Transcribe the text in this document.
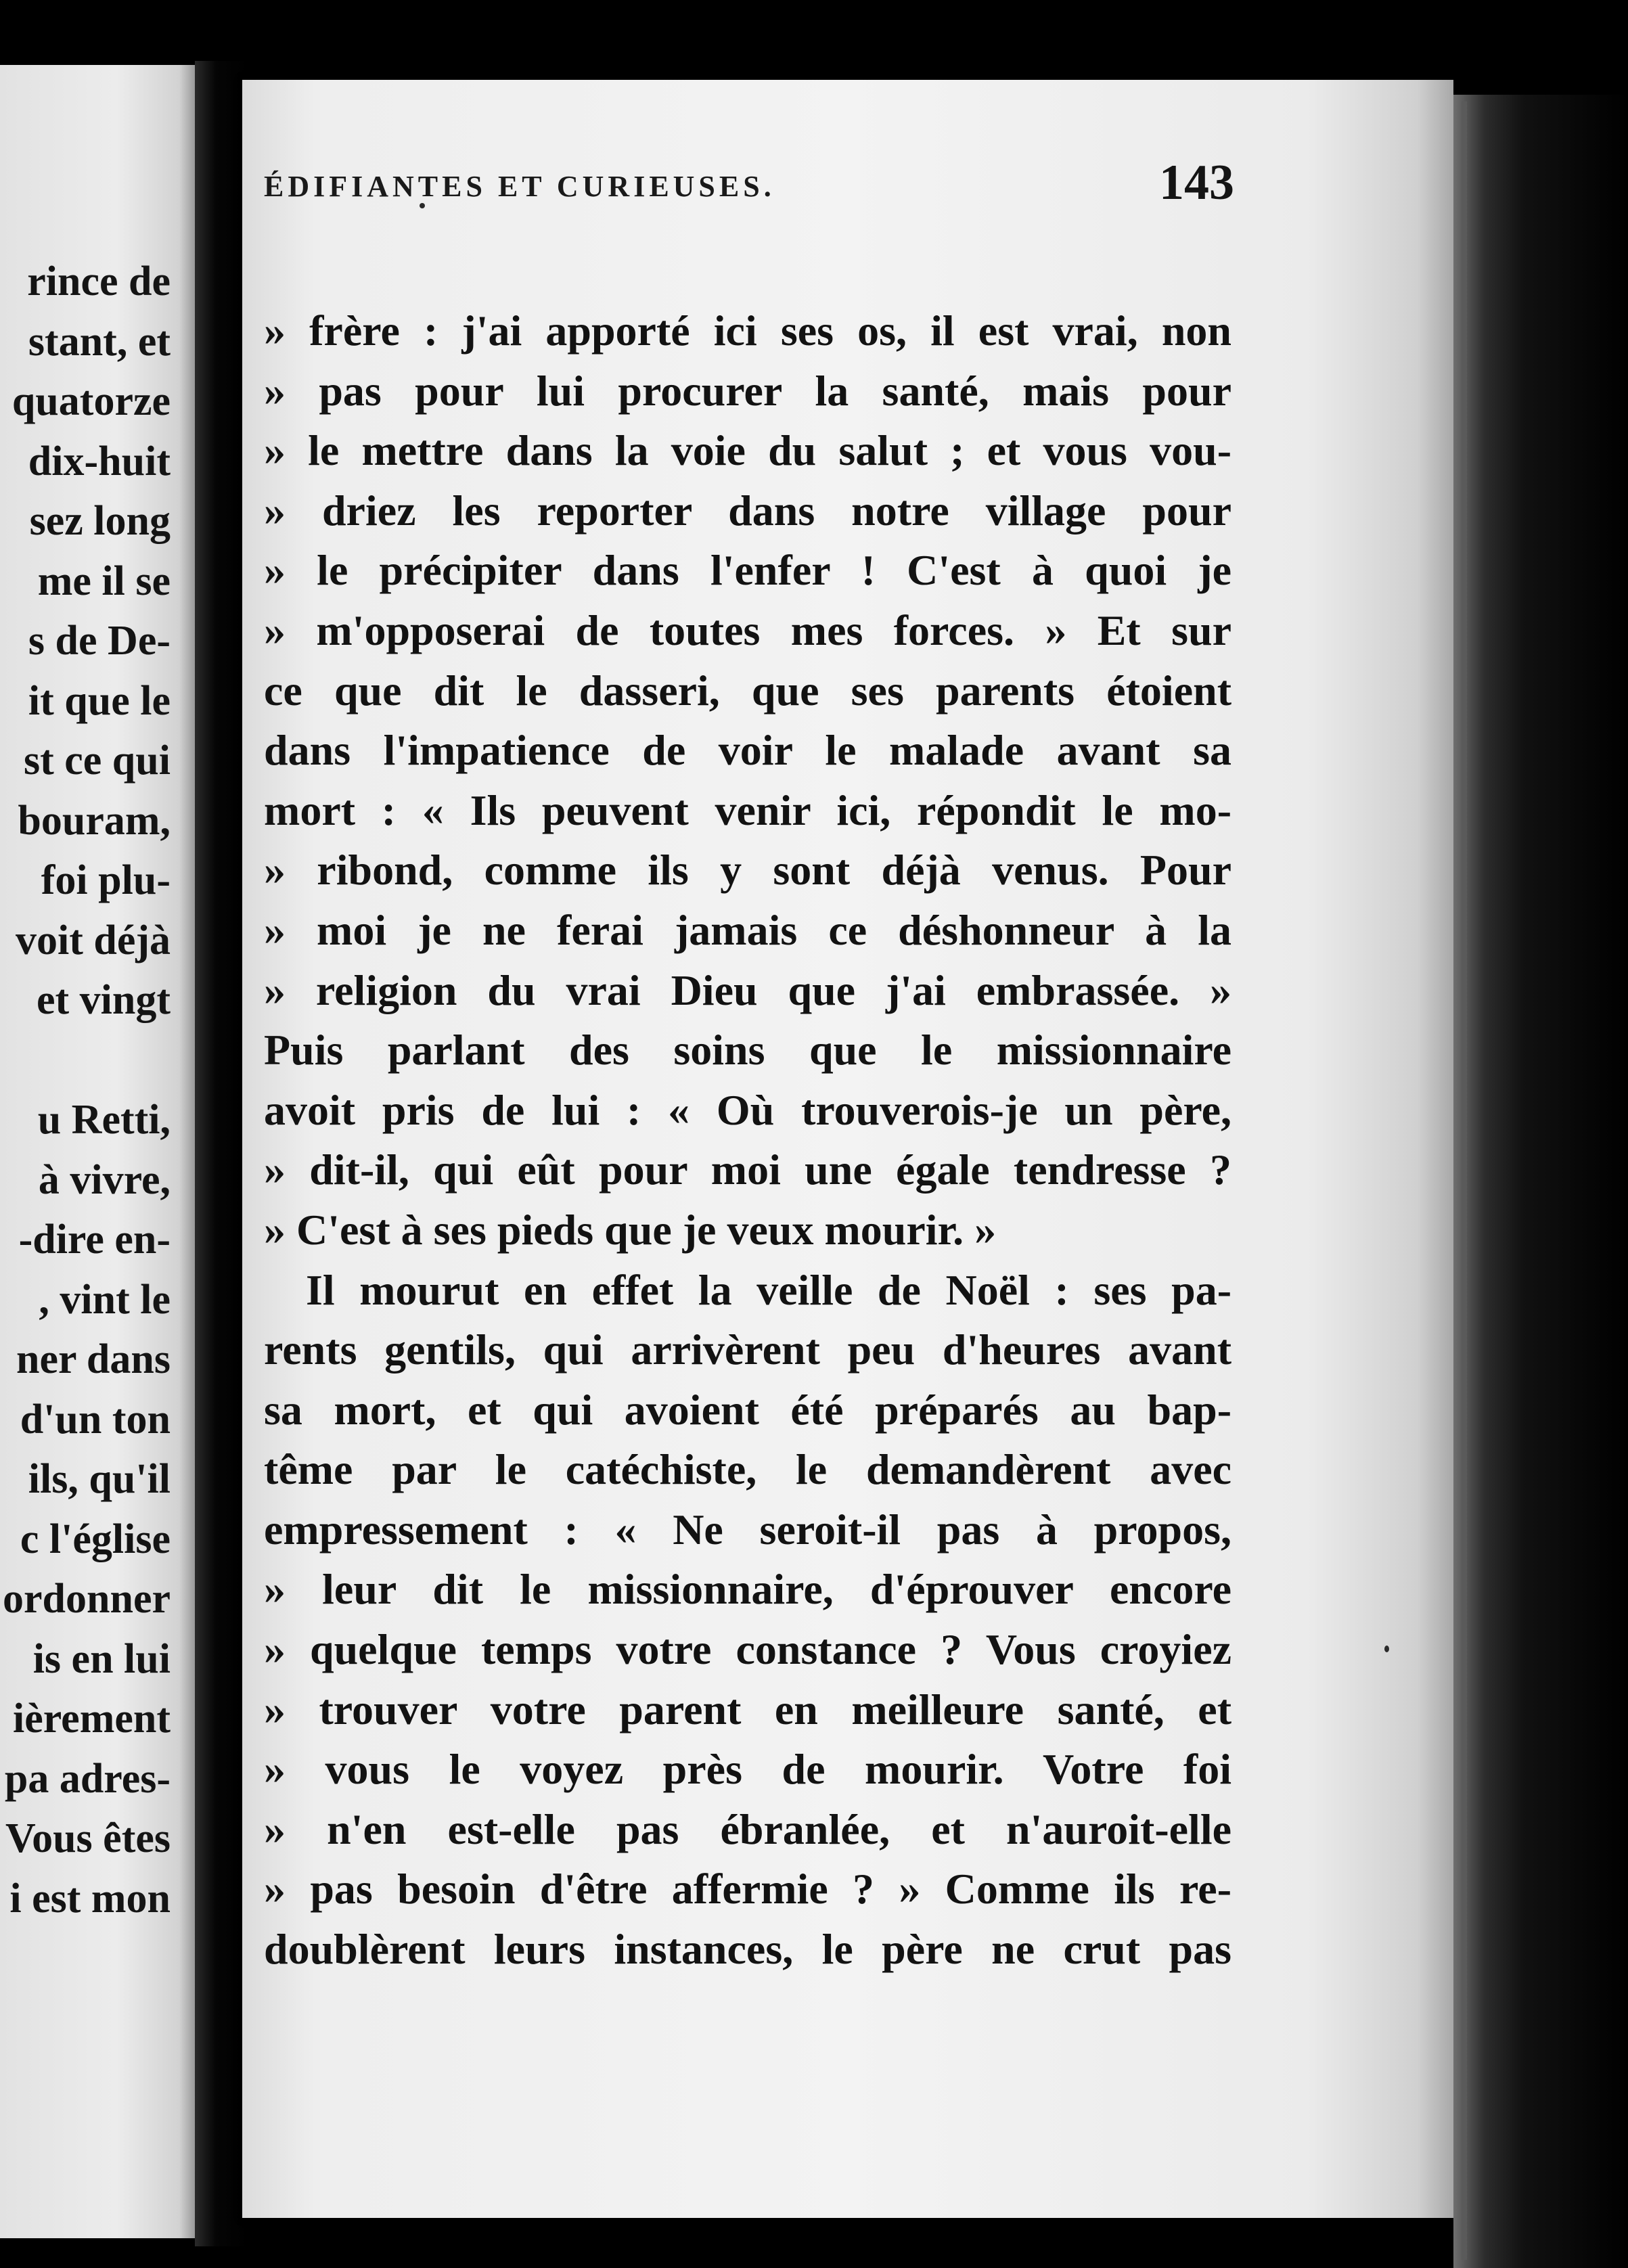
rince de
stant, et
quatorze
dix-huit
sez long
me il se
s de De-
it que le
st ce qui
bouram,
foi plu-
voit déjà
et vingt
u Retti,
à vivre,
-dire en-
, vint le
ner dans
d'un ton
ils, qu'il
c l'église
ordonner
is en lui
ièrement
pa adres-
Vous êtes
i est mon
ÉDIFIANTES ET CURIEUSES.	143
» frère : j'ai apporté ici ses os, il est vrai, non
» pas pour lui procurer la santé, mais pour
» le mettre dans la voie du salut ; et vous vou-
» driez les reporter dans notre village pour
» le précipiter dans l'enfer ! C'est à quoi je
» m'opposerai de toutes mes forces. » Et sur
ce que dit le dasseri, que ses parents étoient
dans l'impatience de voir le malade avant sa
mort : « Ils peuvent venir ici, répondit le mo-
» ribond, comme ils y sont déjà venus. Pour
» moi je ne ferai jamais ce déshonneur à la
» religion du vrai Dieu que j'ai embrassée. »
Puis parlant des soins que le missionnaire
avoit pris de lui : « Où trouverois-je un père,
» dit-il, qui eût pour moi une égale tendresse ?
» C'est à ses pieds que je veux mourir. »
Il mourut en effet la veille de Noël : ses pa-
rents gentils, qui arrivèrent peu d'heures avant
sa mort, et qui avoient été préparés au bap-
tême par le catéchiste, le demandèrent avec
empressement : « Ne seroit-il pas à propos,
» leur dit le missionnaire, d'éprouver encore
» quelque temps votre constance ? Vous croyiez
» trouver votre parent en meilleure santé, et
» vous le voyez près de mourir. Votre foi
» n'en est-elle pas ébranlée, et n'auroit-elle
» pas besoin d'être affermie ? » Comme ils re-
doublèrent leurs instances, le père ne crut pas
